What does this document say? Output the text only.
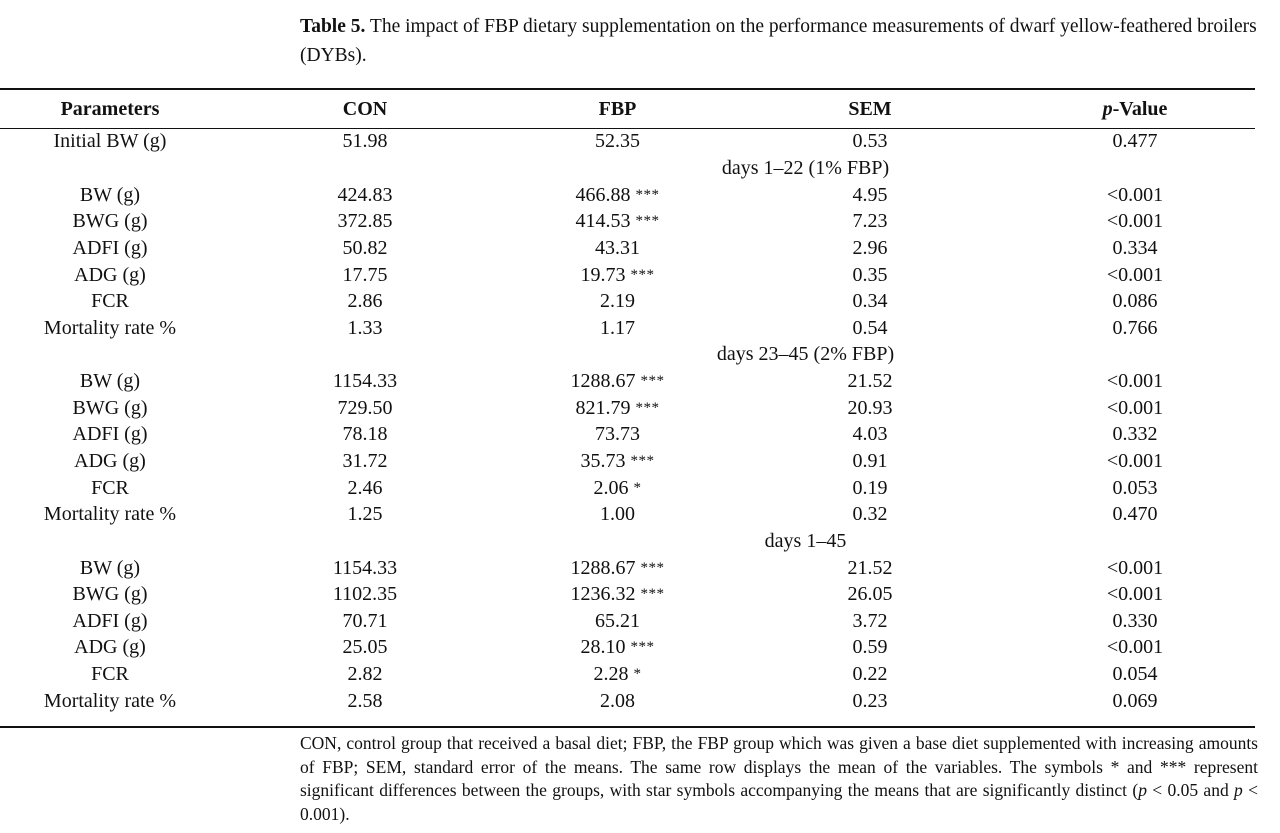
Table 5. The impact of FBP dietary supplementation on the performance measurements of dwarf yellow-feathered broilers (DYBs).
Parameters	CON	FBP	SEM	p-Value
Initial BW (g)	51.98	52.35	0.53	0.477
days 1–22 (1% FBP)				
BW (g)	424.83	466.88 ***	4.95	<0.001
BWG (g)	372.85	414.53 ***	7.23	<0.001
ADFI (g)	50.82	43.31	2.96	0.334
ADG (g)	17.75	19.73 ***	0.35	<0.001
FCR	2.86	2.19	0.34	0.086
Mortality rate %	1.33	1.17	0.54	0.766
days 23–45 (2% FBP)				
BW (g)	1154.33	1288.67 ***	21.52	<0.001
BWG (g)	729.50	821.79 ***	20.93	<0.001
ADFI (g)	78.18	73.73	4.03	0.332
ADG (g)	31.72	35.73 ***	0.91	<0.001
FCR	2.46	2.06 *	0.19	0.053
Mortality rate %	1.25	1.00	0.32	0.470
days 1–45				
BW (g)	1154.33	1288.67 ***	21.52	<0.001
BWG (g)	1102.35	1236.32 ***	26.05	<0.001
ADFI (g)	70.71	65.21	3.72	0.330
ADG (g)	25.05	28.10 ***	0.59	<0.001
FCR	2.82	2.28 *	0.22	0.054
Mortality rate %	2.58	2.08	0.23	0.069
CON, control group that received a basal diet; FBP, the FBP group which was given a base diet supplemented with increasing amounts of FBP; SEM, standard error of the means. The same row displays the mean of the variables. The symbols * and *** represent significant differences between the groups, with star symbols accompanying the means that are significantly distinct (p < 0.05 and p < 0.001).
